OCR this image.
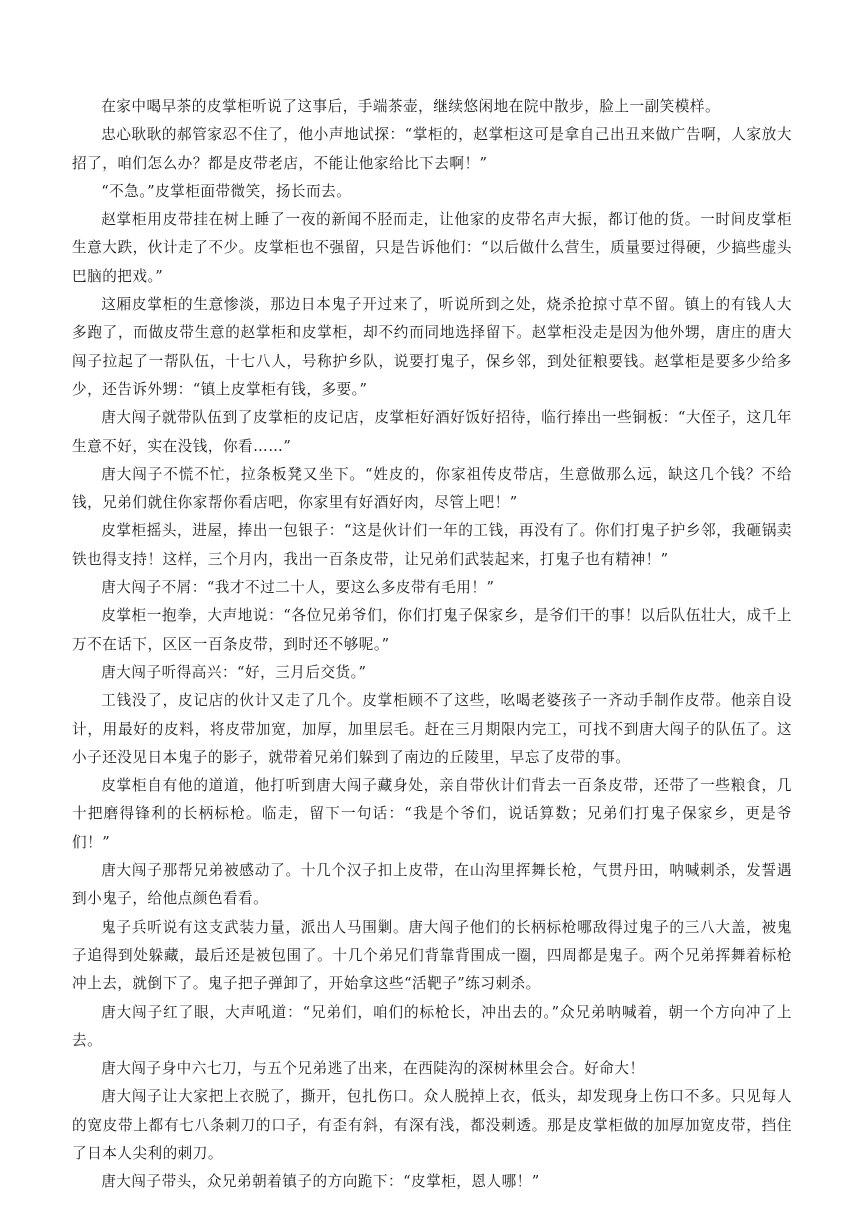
在家中喝早茶的皮掌柜听说了这事后，手端茶壶，继续悠闲地在院中散步，脸上一副笑模样。

忠心耿耿的郝管家忍不住了，他小声地试探：“掌柜的，赵掌柜这可是拿自己出丑来做广告啊，人家放大招了，咱们怎么办？都是皮带老店，不能让他家给比下去啊！”

“不急。”皮掌柜面带微笑，扬长而去。

赵掌柜用皮带挂在树上睡了一夜的新闻不胫而走，让他家的皮带名声大振，都订他的货。一时间皮掌柜生意大跌，伙计走了不少。皮掌柜也不强留，只是告诉他们：“以后做什么营生，质量要过得硬，少搞些虚头巴脑的把戏。”

这厢皮掌柜的生意惨淡，那边日本鬼子开过来了，听说所到之处，烧杀抢掠寸草不留。镇上的有钱人大多跑了，而做皮带生意的赵掌柜和皮掌柜，却不约而同地选择留下。赵掌柜没走是因为他外甥，唐庄的唐大闯子拉起了一帮队伍，十七八人，号称护乡队，说要打鬼子，保乡邻，到处征粮要钱。赵掌柜是要多少给多少，还告诉外甥：“镇上皮掌柜有钱，多要。”

唐大闯子就带队伍到了皮掌柜的皮记店，皮掌柜好酒好饭好招待，临行捧出一些铜板：“大侄子，这几年生意不好，实在没钱，你看……”

唐大闯子不慌不忙，拉条板凳又坐下。“姓皮的，你家祖传皮带店，生意做那么远，缺这几个钱？不给钱，兄弟们就住你家帮你看店吧，你家里有好酒好肉，尽管上吧！”

皮掌柜摇头，进屋，捧出一包银子：“这是伙计们一年的工钱，再没有了。你们打鬼子护乡邻，我砸锅卖铁也得支持！这样，三个月内，我出一百条皮带，让兄弟们武装起来，打鬼子也有精神！”

唐大闯子不屑：“我才不过二十人，要这么多皮带有毛用！”

皮掌柜一抱拳，大声地说：“各位兄弟爷们，你们打鬼子保家乡，是爷们干的事！以后队伍壮大，成千上万不在话下，区区一百条皮带，到时还不够呢。”

唐大闯子听得高兴：“好，三月后交货。”

工钱没了，皮记店的伙计又走了几个。皮掌柜顾不了这些，吆喝老婆孩子一齐动手制作皮带。他亲自设计，用最好的皮料，将皮带加宽，加厚，加里层毛。赶在三月期限内完工，可找不到唐大闯子的队伍了。这小子还没见日本鬼子的影子，就带着兄弟们躲到了南边的丘陵里，早忘了皮带的事。

皮掌柜自有他的道道，他打听到唐大闯子藏身处，亲自带伙计们背去一百条皮带，还带了一些粮食，几十把磨得锋利的长柄标枪。临走，留下一句话：“我是个爷们，说话算数；兄弟们打鬼子保家乡，更是爷们！”

唐大闯子那帮兄弟被感动了。十几个汉子扣上皮带，在山沟里挥舞长枪，气贯丹田，呐喊刺杀，发誓遇到小鬼子，给他点颜色看看。

鬼子兵听说有这支武装力量，派出人马围剿。唐大闯子他们的长柄标枪哪敌得过鬼子的三八大盖，被鬼子追得到处躲藏，最后还是被包围了。十几个弟兄们背靠背围成一圈，四周都是鬼子。两个兄弟挥舞着标枪冲上去，就倒下了。鬼子把子弹卸了，开始拿这些“活靶子”练习刺杀。

唐大闯子红了眼，大声吼道：“兄弟们，咱们的标枪长，冲出去的。”众兄弟呐喊着，朝一个方向冲了上去。

唐大闯子身中六七刀，与五个兄弟逃了出来，在西陡沟的深树林里会合。好命大！

唐大闯子让大家把上衣脱了，撕开，包扎伤口。众人脱掉上衣，低头，却发现身上伤口不多。只见每人的宽皮带上都有七八条刺刀的口子，有歪有斜，有深有浅，都没刺透。那是皮掌柜做的加厚加宽皮带，挡住了日本人尖利的刺刀。

唐大闯子带头，众兄弟朝着镇子的方向跪下：“皮掌柜，恩人哪！”
